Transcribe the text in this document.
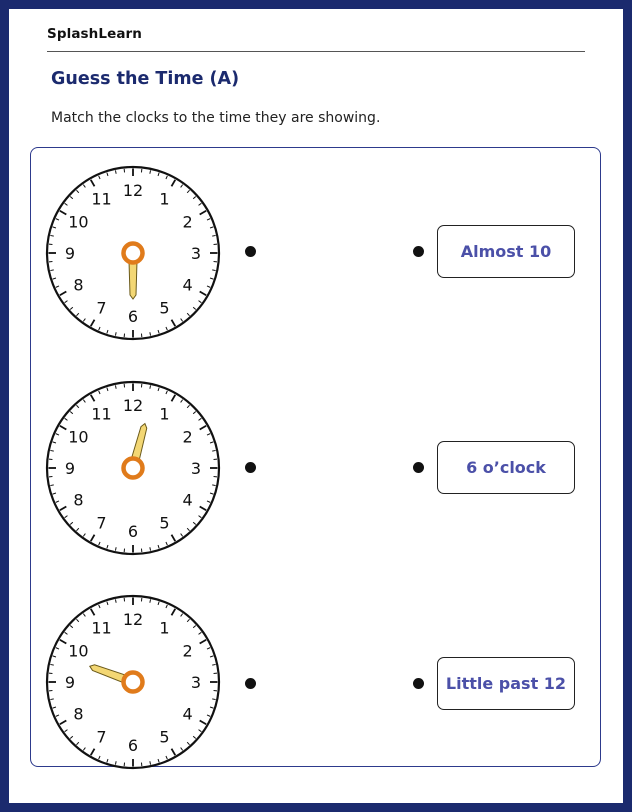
SplashLearn
Guess the Time (A)
Match the clocks to the time they are showing.
12 1
2
3
4
5
6
7
8
9
10
11
Almost 10
12 1
2
3
4
5
6
7
8
9
10
11
6 o’clock
12 1
2
3
4
5
6
7
8
9
10
11
Little past 12
